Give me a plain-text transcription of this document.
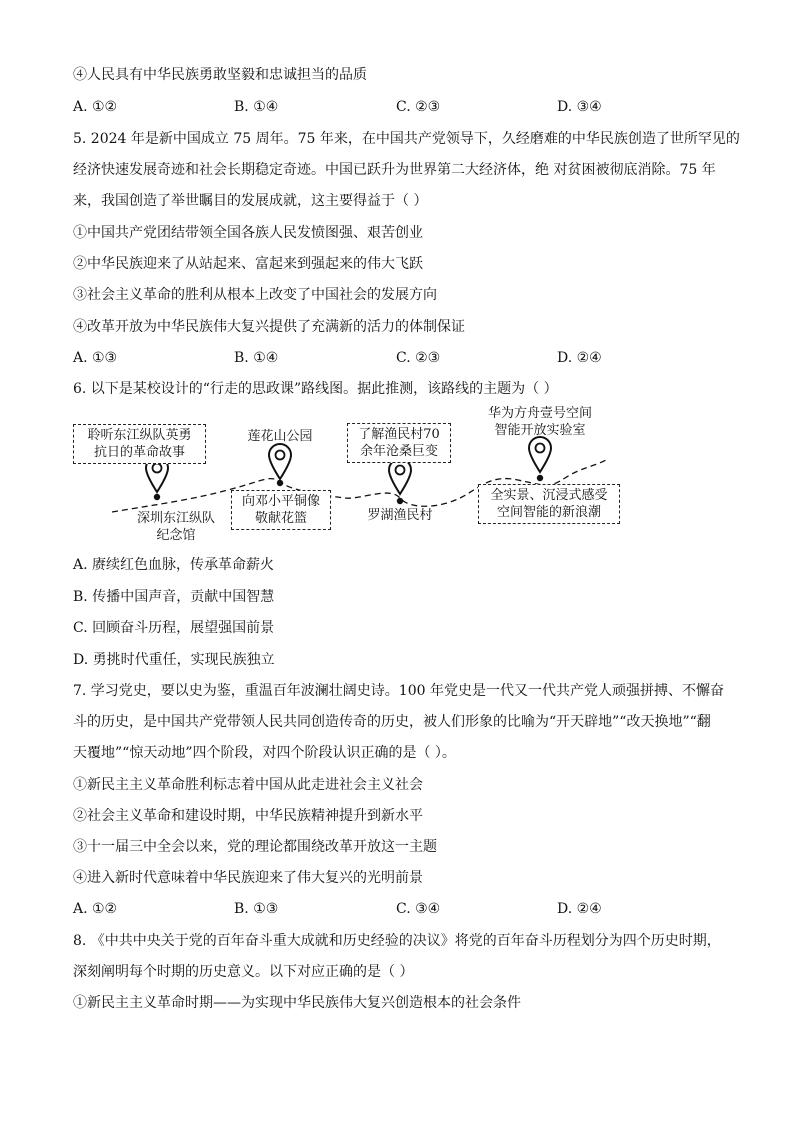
④人民具有中华民族勇敢坚毅和忠诚担当的品质
A. ①②	B. ①④	C. ②③	D. ③④
5. 2024 年是新中国成立 75 周年。75 年来，在中国共产党领导下，久经磨难的中华民族创造了世所罕见的
经济快速发展奇迹和社会长期稳定奇迹。中国已跃升为世界第二大经济体，绝 对贫困被彻底消除。75 年
来，我国创造了举世瞩目的发展成就，这主要得益于（ ）
①中国共产党团结带领全国各族人民发愤图强、艰苦创业
②中华民族迎来了从站起来、富起来到强起来的伟大飞跃
③社会主义革命的胜利从根本上改变了中国社会的发展方向
④改革开放为中华民族伟大复兴提供了充满新的活力的体制保证
A. ①③	B. ①④	C. ②③	D. ②④
6. 以下是某校设计的“行走的思政课”路线图。据此推测，该路线的主题为（ ）
聆听东江纵队英勇
抗日的革命故事
深圳东江纵队
纪念馆
莲花山公园
向邓小平铜像
敬献花篮
了解渔民村70
余年沧桑巨变
罗湖渔民村
华为方舟壹号空间
智能开放实验室
全实景、沉浸式感受
空间智能的新浪潮
A. 赓续红色血脉，传承革命薪火
B. 传播中国声音，贡献中国智慧
C. 回顾奋斗历程，展望强国前景
D. 勇挑时代重任，实现民族独立
7. 学习党史，要以史为鉴，重温百年波澜壮阔史诗。100 年党史是一代又一代共产党人顽强拼搏、不懈奋
斗的历史，是中国共产党带领人民共同创造传奇的历史，被人们形象的比喻为“开天辟地”“改天换地”“翻
天覆地”“惊天动地”四个阶段，对四个阶段认识正确的是（ ）。
①新民主主义革命胜利标志着中国从此走进社会主义社会
②社会主义革命和建设时期，中华民族精神提升到新水平
③十一届三中全会以来，党的理论都围绕改革开放这一主题
④进入新时代意味着中华民族迎来了伟大复兴的光明前景
A. ①②	B. ①③	C. ③④	D. ②④
8. 《中共中央关于党的百年奋斗重大成就和历史经验的决议》将党的百年奋斗历程划分为四个历史时期，
深刻阐明每个时期的历史意义。以下对应正确的是（ ）
①新民主主义革命时期——为实现中华民族伟大复兴创造根本的社会条件
